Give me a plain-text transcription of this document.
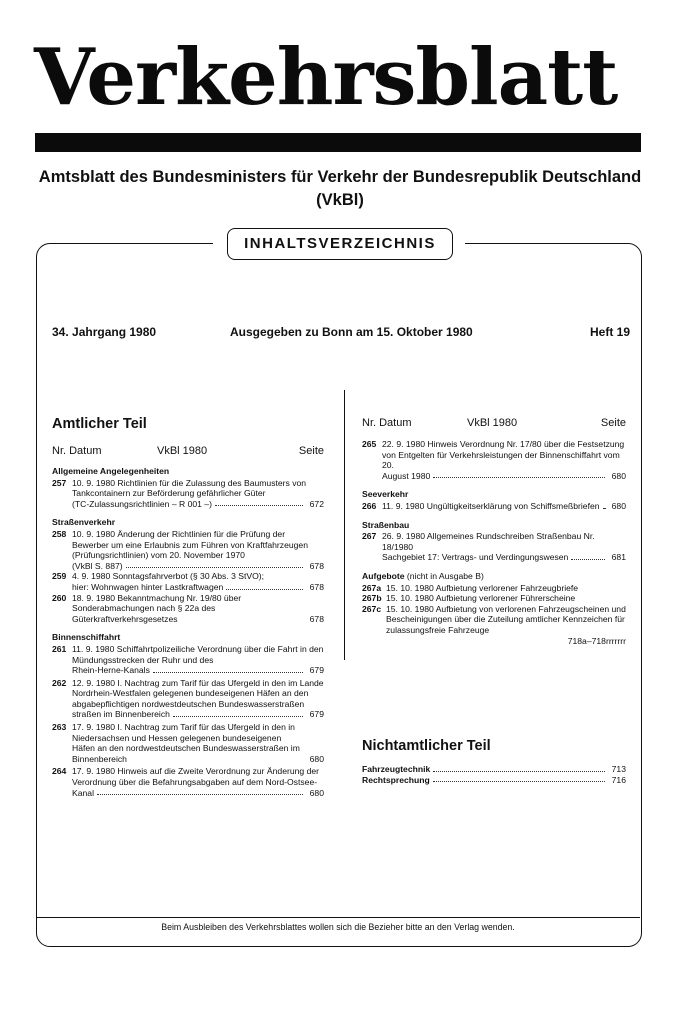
Verkehrsblatt
Amtsblatt des Bundesministers für Verkehr der Bundesrepublik Deutschland
(VkBl)
INHALTSVERZEICHNIS
34. Jahrgang 1980	Ausgegeben zu Bonn am 15. Oktober 1980	Heft 19
Amtlicher Teil
Nr. Datum	VkBl 1980	Seite
Allgemeine Angelegenheiten
257 10. 9. 1980 Richtlinien für die Zulassung des Baumusters von Tankcontainern zur Beförderung gefährlicher Güter
(TC-Zulassungsrichtlinien – R 001 –)	672
Straßenverkehr
258 10. 9. 1980 Änderung der Richtlinien für die Prüfung der Bewerber um eine Erlaubnis zum Führen von Kraftfahrzeugen (Prüfungsrichtlinien) vom 20. November 1970
(VkBl S. 887)	678
259 4. 9. 1980 Sonntagsfahrverbot (§ 30 Abs. 3 StVO);
hier: Wohnwagen hinter Lastkraftwagen	678
260 18. 9. 1980 Bekanntmachung Nr. 19/80 über Sonderabmachungen nach § 22a des Güterkraftverkehrsgesetzes	678
Binnenschiffahrt
261 11. 9. 1980 Schiffahrtpolizeiliche Verordnung über die Fahrt in den Mündungsstrecken der Ruhr und des
Rhein-Herne-Kanals	679
262 12. 9. 1980 I. Nachtrag zum Tarif für das Ufergeld in den im Lande Nordrhein-Westfalen gelegenen bundeseigenen Häfen an den abgabepflichtigen nordwestdeutschen Bundeswasserstraßen
straßen im Binnenbereich	679
263 17. 9. 1980 I. Nachtrag zum Tarif für das Ufergeld in den in Niedersachsen und Hessen gelegenen bundeseigenen Häfen an den nordwestdeutschen Bundeswasserstraßen im Binnenbereich	680
264 17. 9. 1980 Hinweis auf die Zweite Verordnung zur Änderung der Verordnung über die Befahrungsabgaben auf dem Nord-Ostsee-
Kanal	680
Nr. Datum	VkBl 1980	Seite
265 22. 9. 1980 Hinweis Verordnung Nr. 17/80 über die Festsetzung von Entgelten für Verkehrsleistungen der Binnenschiffahrt vom 20.
August 1980	680
Seeverkehr
266 11. 9. 1980 Ungültigkeitserklärung von Schiffsmeßbriefen	680
Straßenbau
267 26. 9. 1980 Allgemeines Rundschreiben Straßenbau Nr. 18/1980
Sachgebiet 17: Vertrags- und Verdingungswesen	681
Aufgebote (nicht in Ausgabe B)
267a 15. 10. 1980 Aufbietung verlorener Fahrzeugbriefe
267b 15. 10. 1980 Aufbietung verlorener Führerscheine
267c 15. 10. 1980 Aufbietung von verlorenen Fahrzeugscheinen und Bescheinigungen über die Zuteilung amtlicher Kennzeichen für zulassungsfreie Fahrzeuge
718a–718rrrrrrr
Nichtamtlicher Teil
Fahrzeugtechnik	713
Rechtsprechung	716
Beim Ausbleiben des Verkehrsblattes wollen sich die Bezieher bitte an den Verlag wenden.
